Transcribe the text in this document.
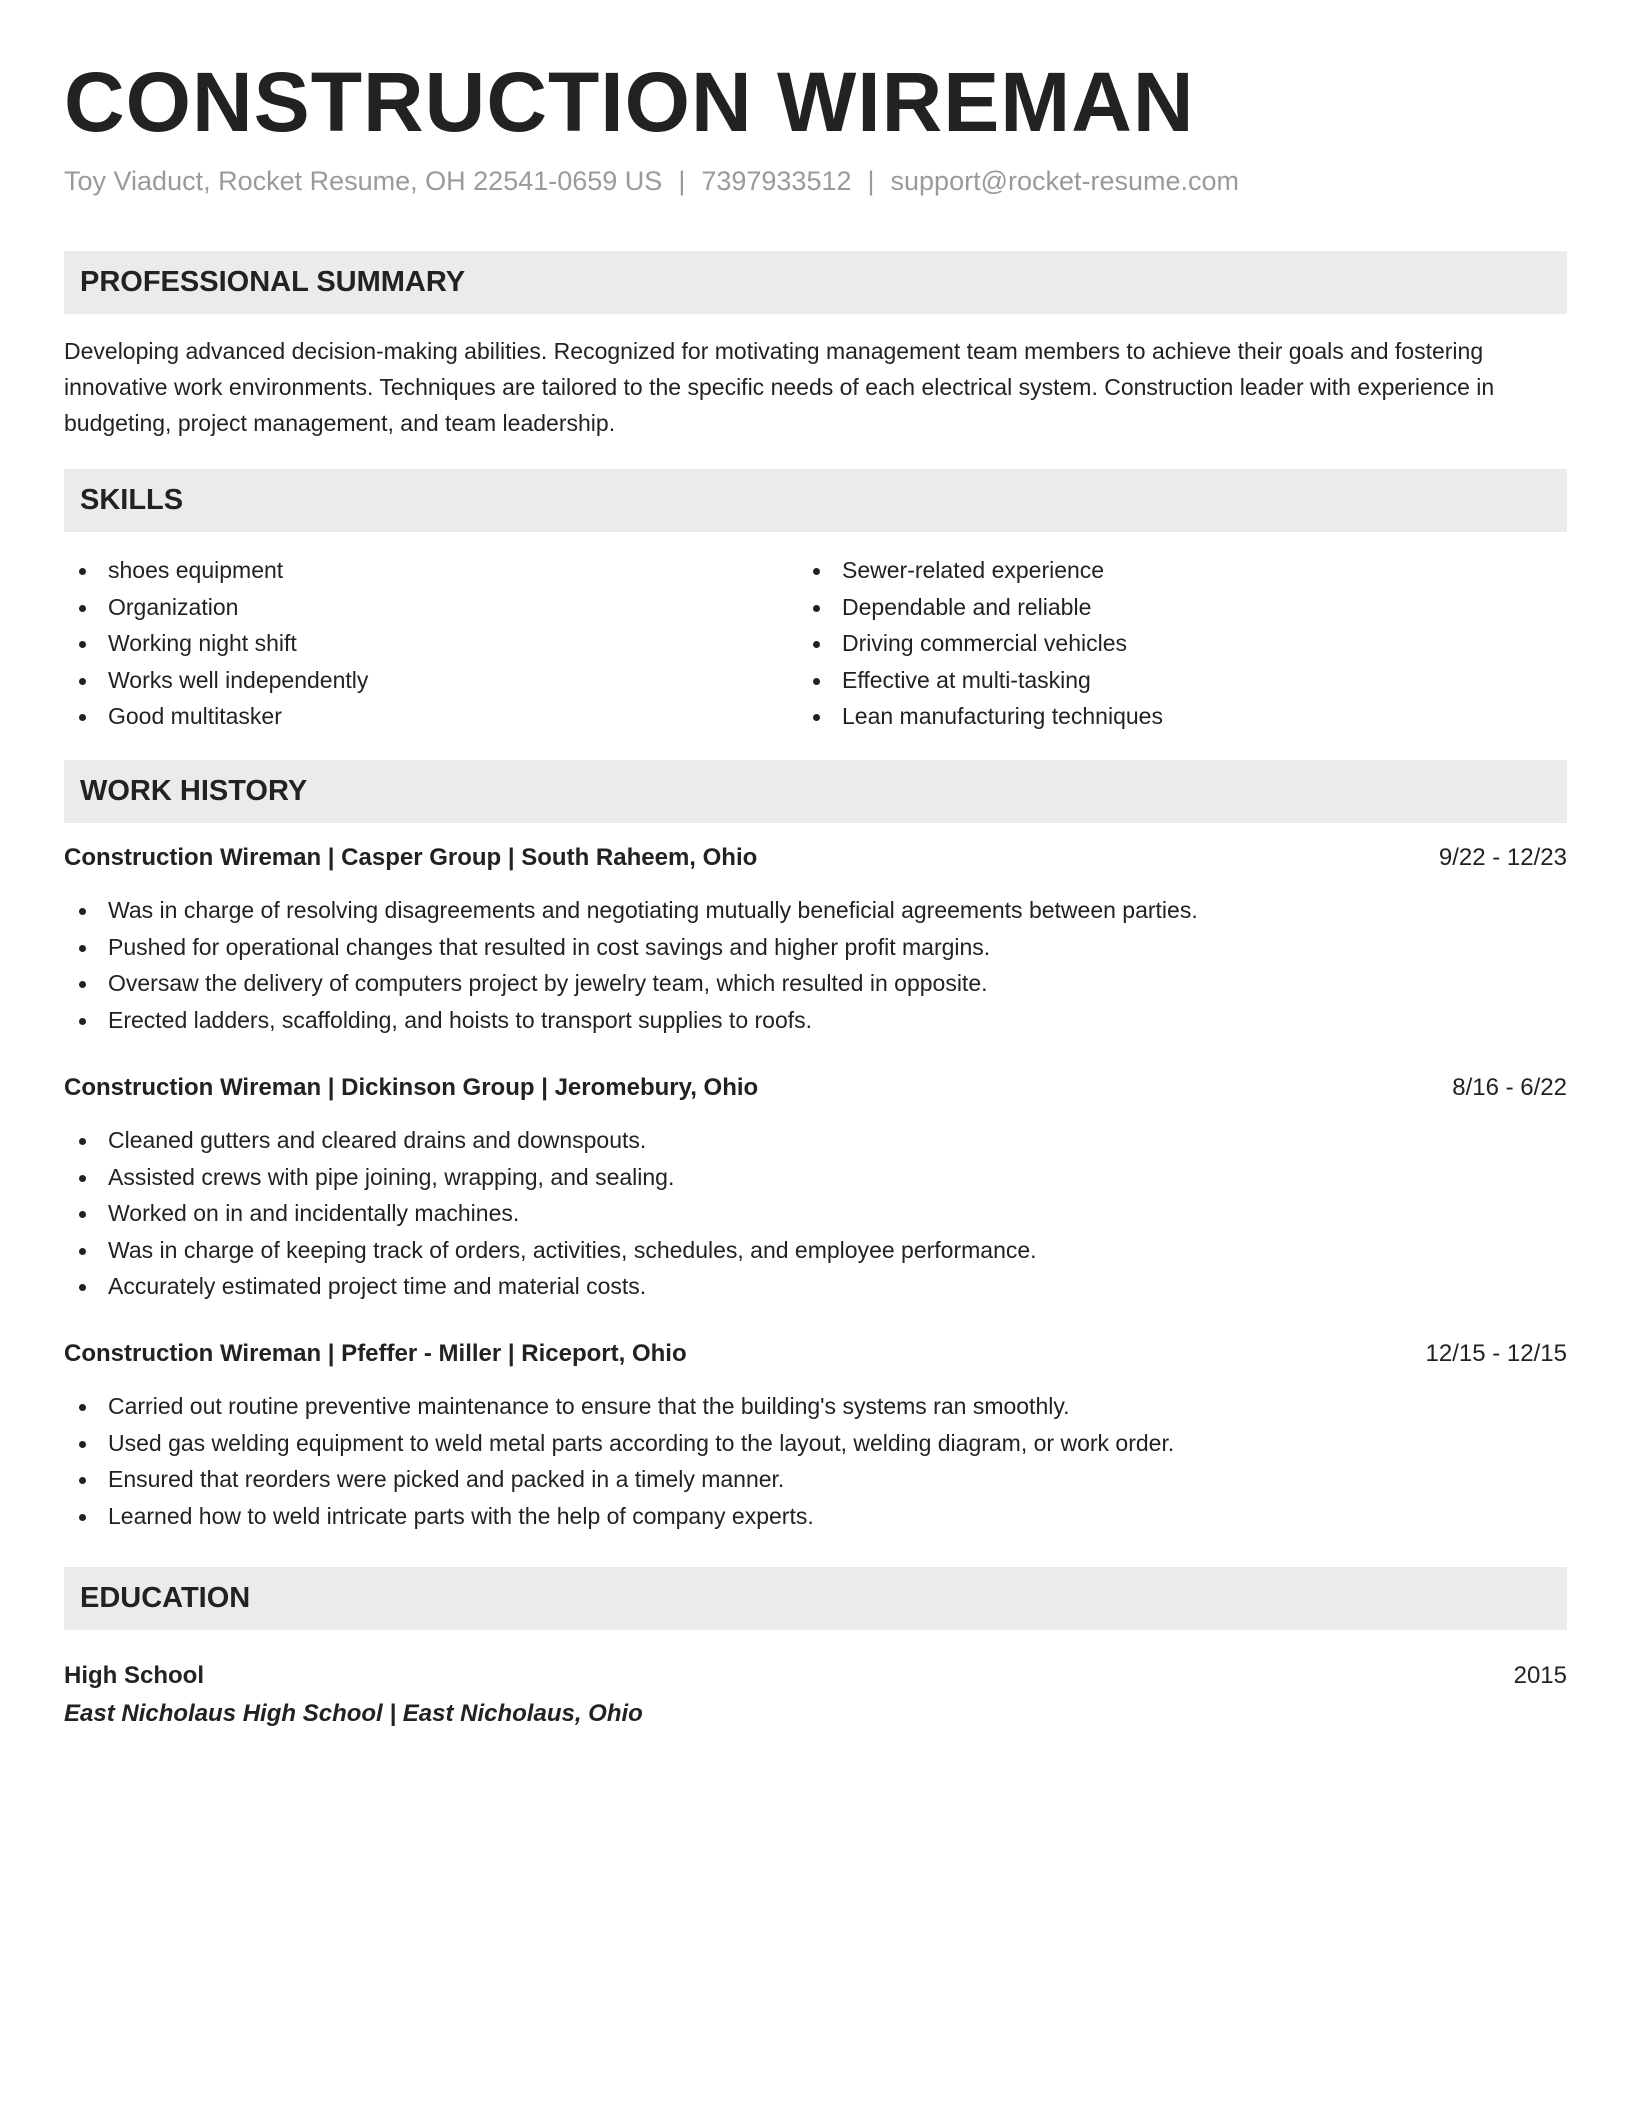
CONSTRUCTION WIREMAN
Toy Viaduct, Rocket Resume, OH 22541-0659 US | 7397933512 | support@rocket-resume.com
PROFESSIONAL SUMMARY

Developing advanced decision-making abilities. Recognized for motivating management team members to achieve their goals and fostering innovative work environments. Techniques are tailored to the specific needs of each electrical system. Construction leader with experience in budgeting, project management, and team leadership.

SKILLS
shoes equipment
Organization
Working night shift
Works well independently
Good multitasker
Sewer-related experience
Dependable and reliable
Driving commercial vehicles
Effective at multi-tasking
Lean manufacturing techniques
WORK HISTORY
Construction Wireman | Casper Group | South Raheem, Ohio	9/22 - 12/23
Was in charge of resolving disagreements and negotiating mutually beneficial agreements between parties.
Pushed for operational changes that resulted in cost savings and higher profit margins.
Oversaw the delivery of computers project by jewelry team, which resulted in opposite.
Erected ladders, scaffolding, and hoists to transport supplies to roofs.
Construction Wireman | Dickinson Group | Jeromebury, Ohio	8/16 - 6/22
Cleaned gutters and cleared drains and downspouts.
Assisted crews with pipe joining, wrapping, and sealing.
Worked on in and incidentally machines.
Was in charge of keeping track of orders, activities, schedules, and employee performance.
Accurately estimated project time and material costs.
Construction Wireman | Pfeffer - Miller | Riceport, Ohio	12/15 - 12/15
Carried out routine preventive maintenance to ensure that the building's systems ran smoothly.
Used gas welding equipment to weld metal parts according to the layout, welding diagram, or work order.
Ensured that reorders were picked and packed in a timely manner.
Learned how to weld intricate parts with the help of company experts.
EDUCATION
High School	2015
East Nicholaus High School | East Nicholaus, Ohio
